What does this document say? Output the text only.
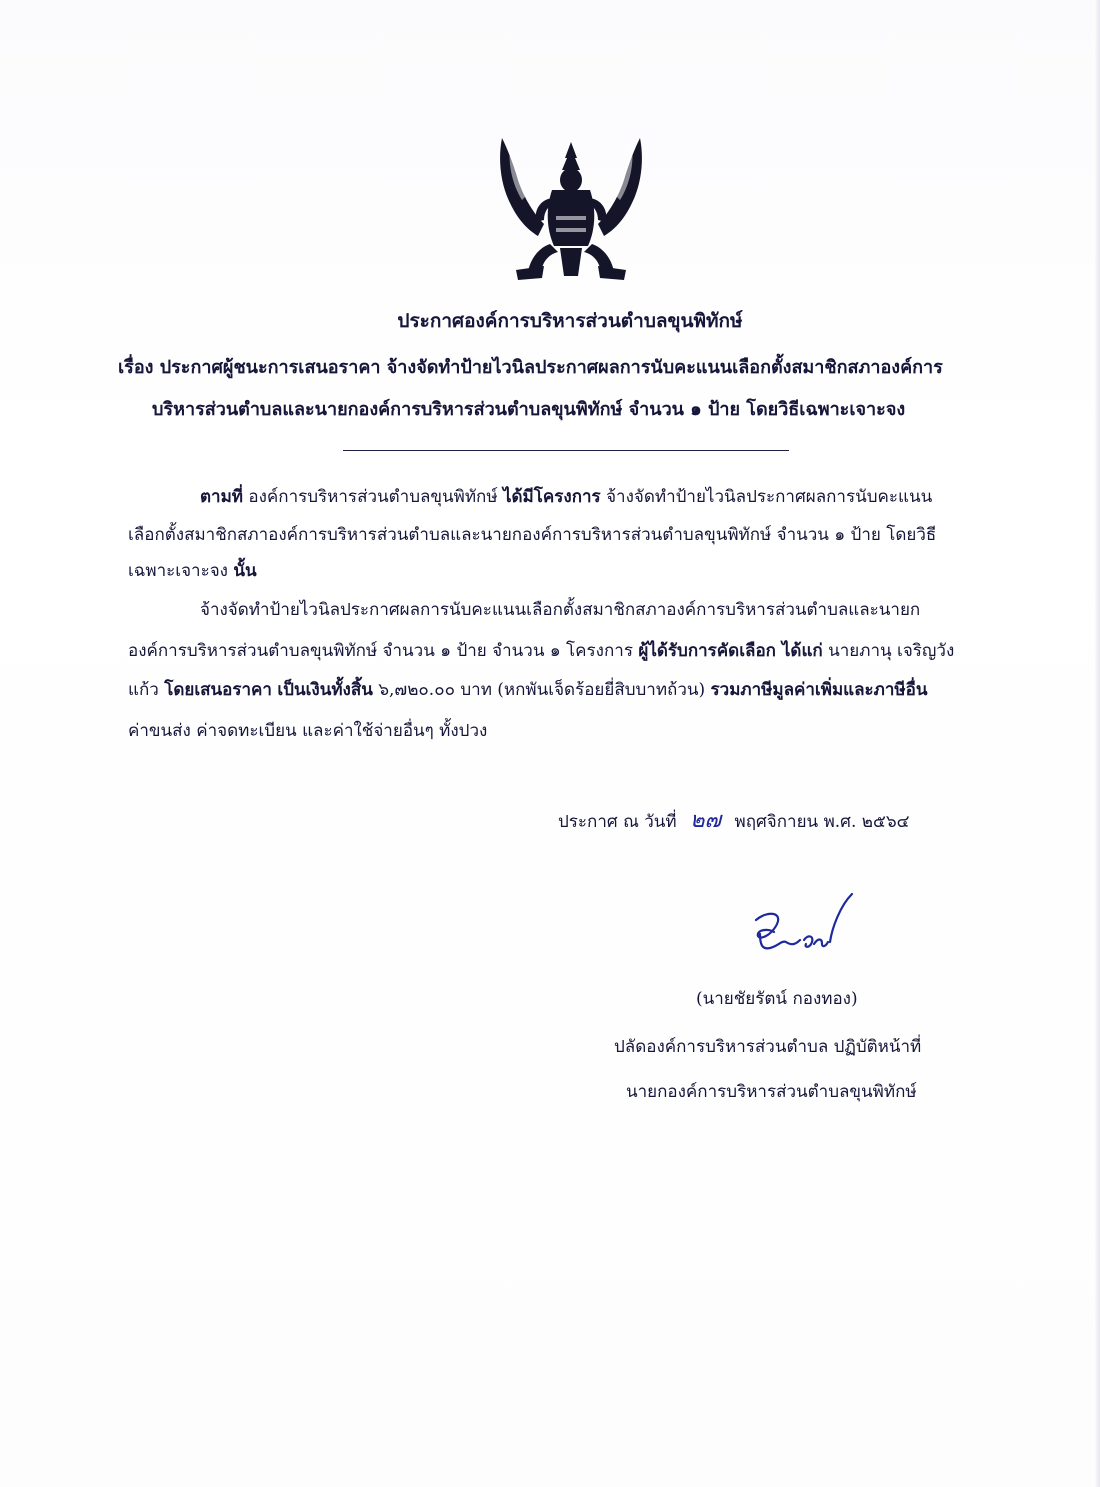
ประกาศองค์การบริหารส่วนตำบลขุนพิทักษ์
เรื่อง ประกาศผู้ชนะการเสนอราคา จ้างจัดทำป้ายไวนิลประกาศผลการนับคะแนนเลือกตั้งสมาชิกสภาองค์การ
บริหารส่วนตำบลและนายกองค์การบริหารส่วนตำบลขุนพิทักษ์ จำนวน ๑ ป้าย โดยวิธีเฉพาะเจาะจง
ตามที่ องค์การบริหารส่วนตำบลขุนพิทักษ์ ได้มีโครงการ จ้างจัดทำป้ายไวนิลประกาศผลการนับคะแนน
เลือกตั้งสมาชิกสภาองค์การบริหารส่วนตำบลและนายกองค์การบริหารส่วนตำบลขุนพิทักษ์ จำนวน ๑ ป้าย โดยวิธี
เฉพาะเจาะจง นั้น
จ้างจัดทำป้ายไวนิลประกาศผลการนับคะแนนเลือกตั้งสมาชิกสภาองค์การบริหารส่วนตำบลและนายก
องค์การบริหารส่วนตำบลขุนพิทักษ์ จำนวน ๑ ป้าย จำนวน ๑ โครงการ ผู้ได้รับการคัดเลือก ได้แก่ นายภานุ เจริญวัง
แก้ว โดยเสนอราคา เป็นเงินทั้งสิ้น ๖,๗๒๐.๐๐ บาท (หกพันเจ็ดร้อยยี่สิบบาทถ้วน) รวมภาษีมูลค่าเพิ่มและภาษีอื่น
ค่าขนส่ง ค่าจดทะเบียน และค่าใช้จ่ายอื่นๆ ทั้งปวง
ประกาศ ณ วันที่ ๒๗ พฤศจิกายน พ.ศ. ๒๕๖๔
(นายชัยรัตน์ กองทอง)
ปลัดองค์การบริหารส่วนตำบล ปฏิบัติหน้าที่
นายกองค์การบริหารส่วนตำบลขุนพิทักษ์
